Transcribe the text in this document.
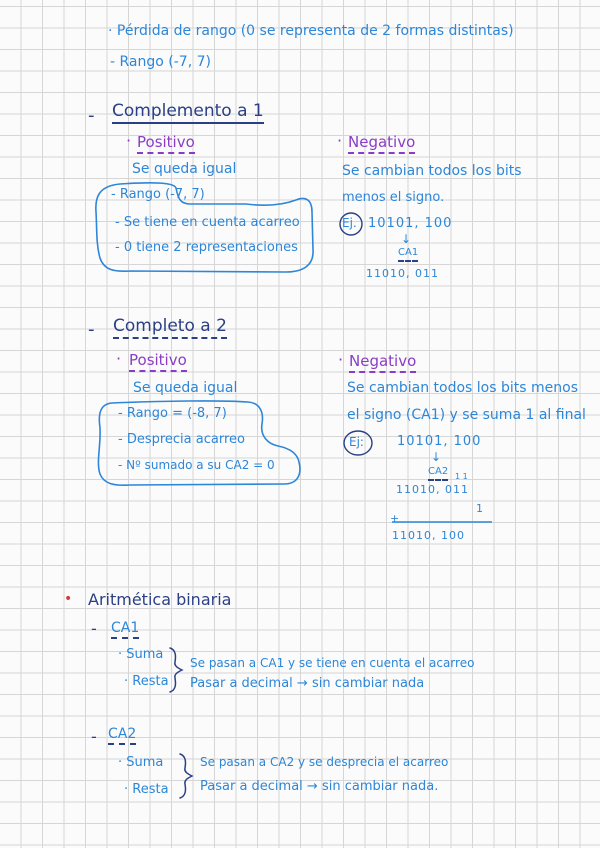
· Pérdida de rango (0 se representa de 2 formas distintas)
- Rango (-7, 7)
- Complemento a 1
· Positivo
Se queda igual
- Rango (-7, 7)
- Se tiene en cuenta acarreo
- 0 tiene 2 representaciones
· Negativo
Se cambian todos los bits
menos el signo.
Ej. 10101, 100
↓
CA1
11010, 011
- Completo a 2
· Positivo
Se queda igual
- Rango = (-8, 7)
- Desprecia acarreo
- Nº sumado a su CA2 = 0
· Negativo
Se cambian todos los bits menos
el signo (CA1) y se suma 1 al final
Ej:	10101, 100
↓
CA2 1 1
11010, 011
+
1
11010, 100
• Aritmética binaria
- CA1
· Suma
· Resta
Se pasan a CA1 y se tiene en cuenta el acarreo
Pasar a decimal → sin cambiar nada
- CA2
· Suma
· Resta
Se pasan a CA2 y se desprecia el acarreo
Pasar a decimal → sin cambiar nada.
